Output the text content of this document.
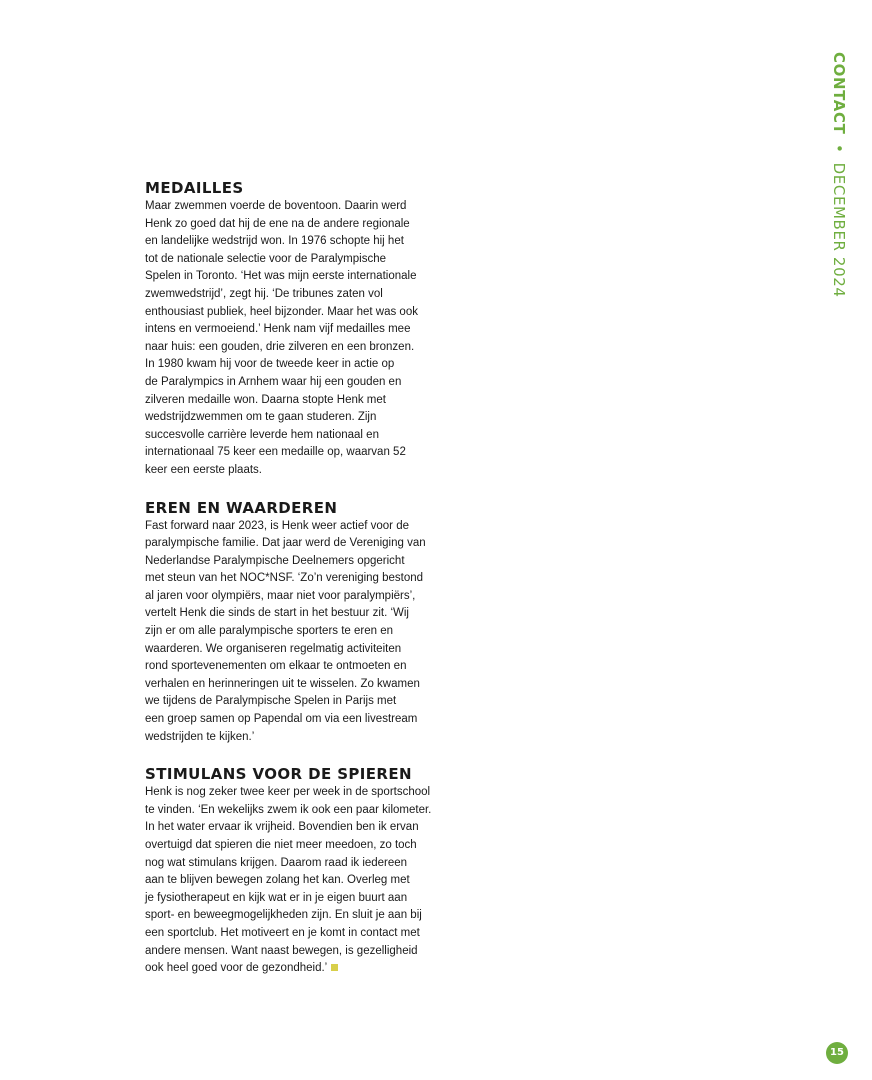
MEDAILLES

Maar zwemmen voerde de boventoon. Daarin werd
Henk zo goed dat hij de ene na de andere regionale
en landelijke wedstrijd won. In 1976 schopte hij het
tot de nationale selectie voor de Paralympische
Spelen in Toronto. ‘Het was mijn eerste internationale
zwemwedstrijd’, zegt hij. ‘De tribunes zaten vol
enthousiast publiek, heel bijzonder. Maar het was ook
intens en vermoeiend.’ Henk nam vijf medailles mee
naar huis: een gouden, drie zilveren en een bronzen.
In 1980 kwam hij voor de tweede keer in actie op
de Paralympics in Arnhem waar hij een gouden en
zilveren medaille won. Daarna stopte Henk met
wedstrijdzwemmen om te gaan studeren. Zijn
succesvolle carrière leverde hem nationaal en
internationaal 75 keer een medaille op, waarvan 52
keer een eerste plaats.

EREN EN WAARDEREN

Fast forward naar 2023, is Henk weer actief voor de
paralympische familie. Dat jaar werd de Vereniging van
Nederlandse Paralympische Deelnemers opgericht
met steun van het NOC*NSF. ‘Zo’n vereniging bestond
al jaren voor olympiërs, maar niet voor paralympiërs’,
vertelt Henk die sinds de start in het bestuur zit. ‘Wij
zijn er om alle paralympische sporters te eren en
waarderen. We organiseren regelmatig activiteiten
rond sportevenementen om elkaar te ontmoeten en
verhalen en herinneringen uit te wisselen. Zo kwamen
we tijdens de Paralympische Spelen in Parijs met
een groep samen op Papendal om via een livestream
wedstrijden te kijken.’

STIMULANS VOOR DE SPIEREN

Henk is nog zeker twee keer per week in de sportschool
te vinden. ‘En wekelijks zwem ik ook een paar kilometer.
In het water ervaar ik vrijheid. Bovendien ben ik ervan
overtuigd dat spieren die niet meer meedoen, zo toch
nog wat stimulans krijgen. Daarom raad ik iedereen
aan te blijven bewegen zolang het kan. Overleg met
je fysiotherapeut en kijk wat er in je eigen buurt aan
sport- en beweegmogelijkheden zijn. En sluit je aan bij
een sportclub. Het motiveert en je komt in contact met
andere mensen. Want naast bewegen, is gezelligheid
ook heel goed voor de gezondheid.’

CONTACT • DECEMBER 2024
15
